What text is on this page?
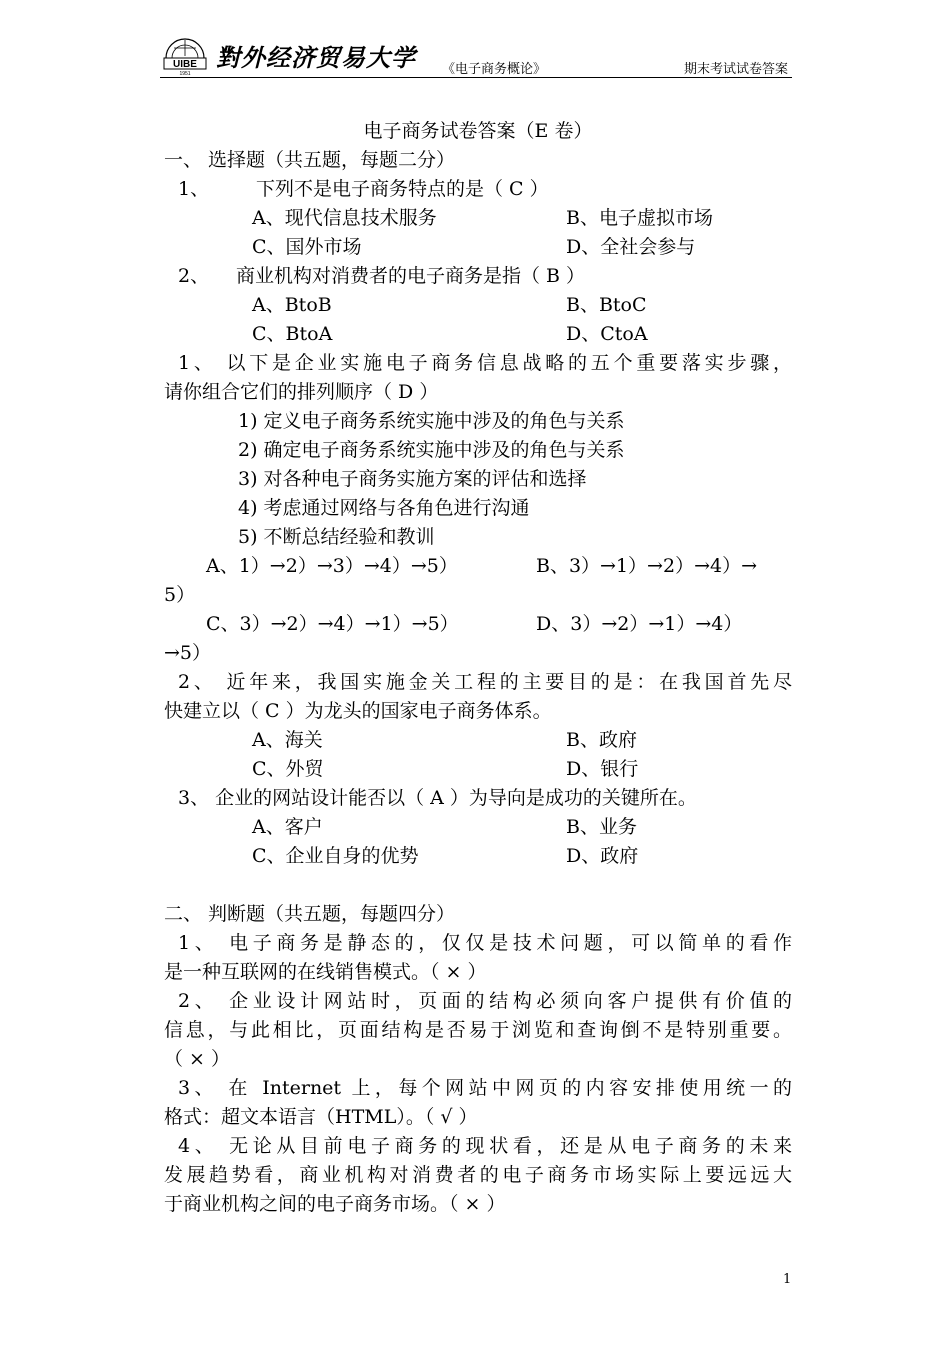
UIBE
1951
對外经济贸易大学 《电子商务概论》	期末考试试卷答案
电子商务试卷答案（E 卷）
一、 选择题（共五题，每题二分）
1、 下列不是电子商务特点的是（ C ）
A、现代信息技术服务	B、电子虚拟市场
C、国外市场	D、全社会参与
2、 商业机构对消费者的电子商务是指（ B ）
A、BtoB	B、BtoC
C、BtoA	D、CtoA
1、 以下是企业实施电子商务信息战略的五个重要落实步骤，
请你组合它们的排列顺序（ D ）
1) 定义电子商务系统实施中涉及的角色与关系
2) 确定电子商务系统实施中涉及的角色与关系
3) 对各种电子商务实施方案的评估和选择
4) 考虑通过网络与各角色进行沟通
5) 不断总结经验和教训
A、1）→2）→3）→4）→5）	B、3）→1）→2）→4）→
5）
C、3）→2）→4）→1）→5）	D、3）→2）→1）→4）
→5）
2、 近年来，我国实施金关工程的主要目的是：在我国首先尽
快建立以（ C ）为龙头的国家电子商务体系。
A、海关	B、政府
C、外贸	D、银行
3、 企业的网站设计能否以（ A ）为导向是成功的关键所在。
A、客户	B、业务
C、企业自身的优势	D、政府
二、 判断题（共五题，每题四分）
1、 电子商务是静态的，仅仅是技术问题，可以简单的看作
是一种互联网的在线销售模式。（ × ）
2、 企业设计网站时，页面的结构必须向客户提供有价值的
信息，与此相比，页面结构是否易于浏览和查询倒不是特别重要。
（ × ）
3、 在 Internet 上，每个网站中网页的内容安排使用统一的
格式：超文本语言（HTML）。（ √ ）
4、 无论从目前电子商务的现状看，还是从电子商务的未来
发展趋势看，商业机构对消费者的电子商务市场实际上要远远大
于商业机构之间的电子商务市场。（ × ）
1
